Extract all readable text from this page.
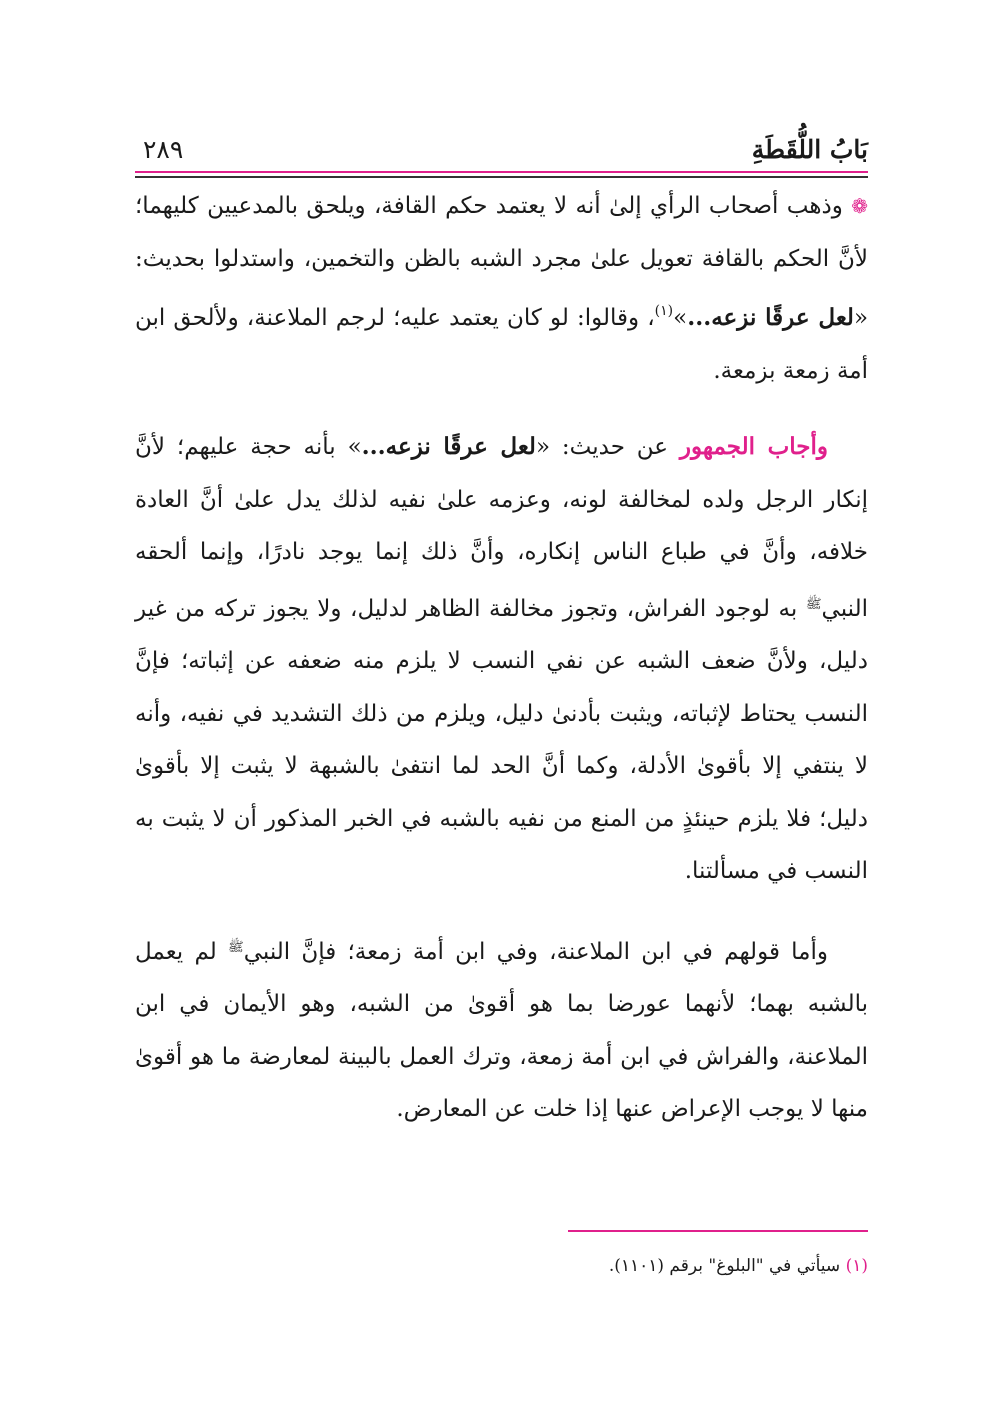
بَابُ اللُّقَطَةِ
٢٨٩

❁ وذهب أصحاب الرأي إلىٰ أنه لا يعتمد حكم القافة، ويلحق بالمدعيين كليهما؛ لأنَّ الحكم بالقافة تعويل علىٰ مجرد الشبه بالظن والتخمين، واستدلوا بحديث: «لعل عرقًا نزعه...»$^{(١)}$، وقالوا: لو كان يعتمد عليه؛ لرجم الملاعنة، ولألحق ابن أمة زمعة بزمعة.

وأجاب الجمهور عن حديث: «لعل عرقًا نزعه...» بأنه حجة عليهم؛ لأنَّ إنكار الرجل ولده لمخالفة لونه، وعزمه علىٰ نفيه لذلك يدل علىٰ أنَّ العادة خلافه، وأنَّ في طباع الناس إنكاره، وأنَّ ذلك إنما يوجد نادرًا، وإنما ألحقه النبي$^ﷺ$ به لوجود الفراش، وتجوز مخالفة الظاهر لدليل، ولا يجوز تركه من غير دليل، ولأنَّ ضعف الشبه عن نفي النسب لا يلزم منه ضعفه عن إثباته؛ فإنَّ النسب يحتاط لإثباته، ويثبت بأدنىٰ دليل، ويلزم من ذلك التشديد في نفيه، وأنه لا ينتفي إلا بأقوىٰ الأدلة، وكما أنَّ الحد لما انتفىٰ بالشبهة لا يثبت إلا بأقوىٰ دليل؛ فلا يلزم حينئذٍ من المنع من نفيه بالشبه في الخبر المذكور أن لا يثبت به النسب في مسألتنا.

وأما قولهم في ابن الملاعنة، وفي ابن أمة زمعة؛ فإنَّ النبي$^ﷺ$ لم يعمل بالشبه بهما؛ لأنهما عورضا بما هو أقوىٰ من الشبه، وهو الأيمان في ابن الملاعنة، والفراش في ابن أمة زمعة، وترك العمل بالبينة لمعارضة ما هو أقوىٰ منها لا يوجب الإعراض عنها إذا خلت عن المعارض.

(١) سيأتي في "البلوغ" برقم (١١٠١).
